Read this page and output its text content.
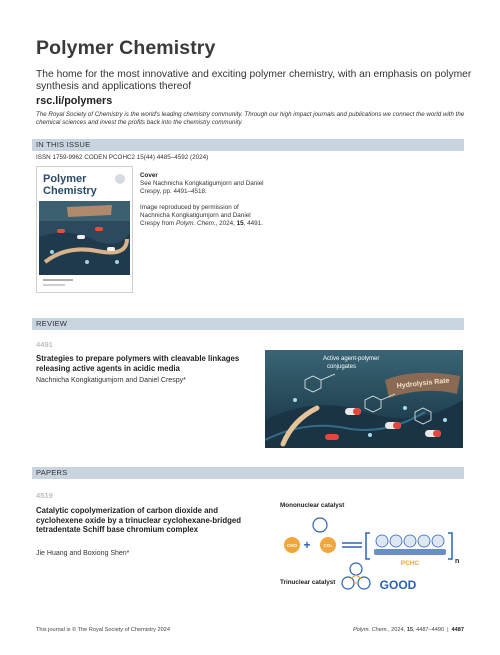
Polymer Chemistry
The home for the most innovative and exciting polymer chemistry, with an emphasis on polymer synthesis and applications thereof
rsc.li/polymers
The Royal Society of Chemistry is the world's leading chemistry community. Through our high impact journals and publications we connect the world with the chemical sciences and invest the profits back into the chemistry community.
IN THIS ISSUE
ISSN 1759-9962 CODEN PCOHC2 15(44) 4485–4592 (2024)
Polymer
Chemistry
Cover
See Nachnicha Kongkatigumjorn and Daniel Crespy, pp. 4491–4518.
Image reproduced by permission of Nachnicha Kongkatigumjorn and Daniel Crespy from Polym. Chem., 2024, 15, 4491.
REVIEW
4491
Strategies to prepare polymers with cleavable linkages releasing active agents in acidic media
Nachnicha Kongkatigumjorn and Daniel Crespy*	Hydrolysis Rate
Active agent-polymer
conjugates
PAPERS
4519
Catalytic copolymerization of carbon dioxide and cyclohexene oxide by a trinuclear cyclohexane-bridged tetradentate Schiff base chromium complex
Jie Huang and Boxiong Shen*
Mononuclear catalyst
CHO +	CO₂
PCHC	n
Trinuclear catalyst	GOOD
This journal is © The Royal Society of Chemistry 2024	Polym. Chem., 2024, 15, 4487–4490 | 4487
